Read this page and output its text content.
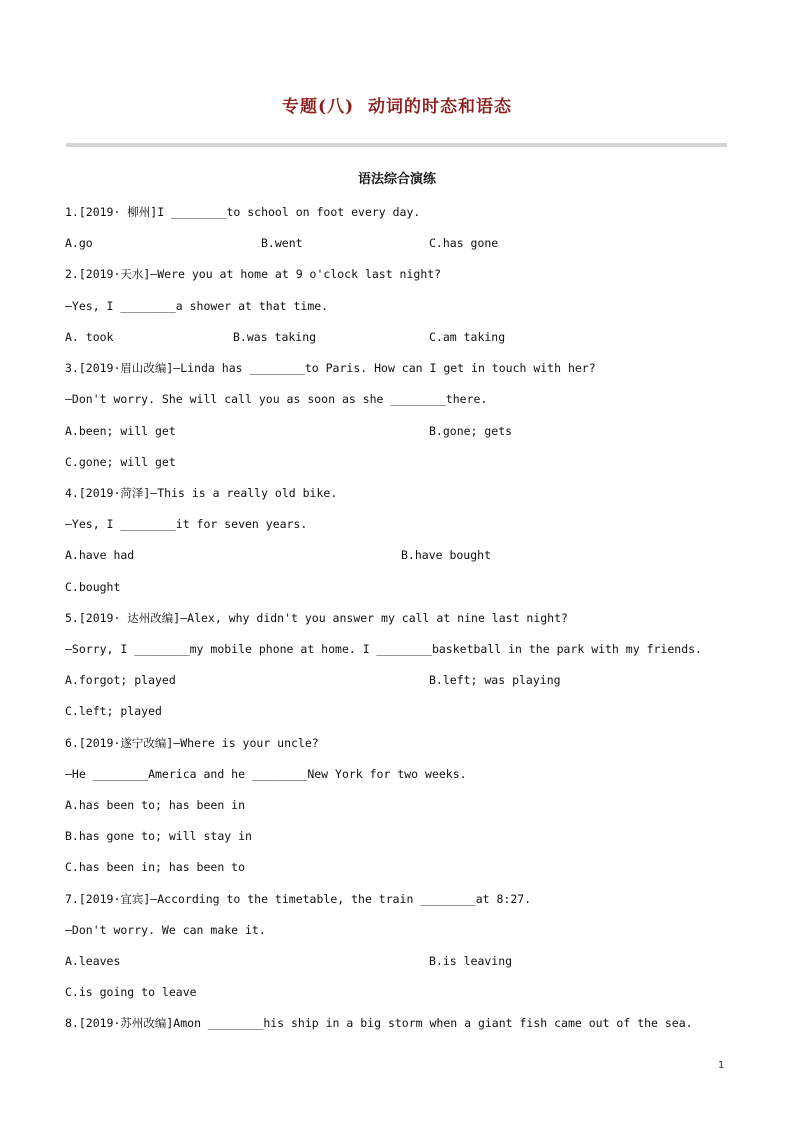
专题(八)  动词的时态和语态
语法综合演练
1.[2019· 柳州]I ________to school on foot every day.
A.go	B.went	C.has gone
2.[2019·天水]—Were you at home at 9 o'clock last night?
—Yes, I ________a shower at that time.
A. took	B.was taking	C.am taking
3.[2019·眉山改编]—Linda has ________to Paris. How can I get in touch with her?
—Don't worry. She will call you as soon as she ________there.
A.been; will get	B.gone; gets
C.gone; will get
4.[2019·菏泽]—This is a really old bike.
—Yes, I ________it for seven years.
A.have had	B.have bought
C.bought
5.[2019· 达州改编]—Alex, why didn't you answer my call at nine last night?
—Sorry, I ________my mobile phone at home. I ________basketball in the park with my friends.
A.forgot; played	B.left; was playing
C.left; played
6.[2019·遂宁改编]—Where is your uncle?
—He ________America and he ________New York for two weeks.
A.has been to; has been in
B.has gone to; will stay in
C.has been in; has been to
7.[2019·宜宾]—According to the timetable, the train ________at 8:27.
—Don't worry. We can make it.
A.leaves	B.is leaving
C.is going to leave
8.[2019·苏州改编]Amon ________his ship in a big storm when a giant fish came out of the sea.
1
